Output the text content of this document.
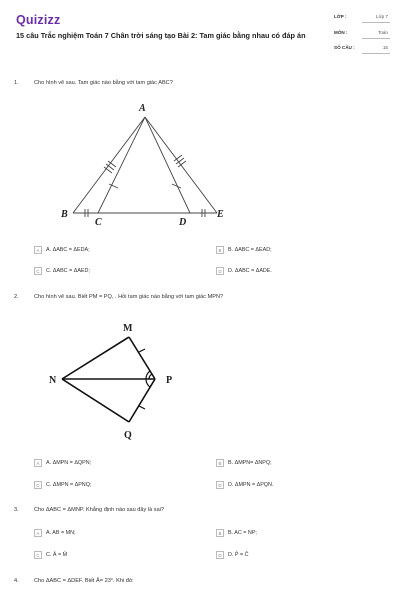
Quizizz
15 câu Trắc nghiệm Toán 7 Chân trời sáng tạo Bài 2: Tam giác bằng nhau có đáp án
LỚP :	Lớp 7
MÔN :	Toán
SỐ CÂU :	15
1.	Cho hình vẽ sau. Tam giác nào bằng với tam giác ABC?
A
B
C	D
E
A	A. ΔABC = ΔEDA;	B	B. ΔABC = ΔEAD;
C	C. ΔABC = ΔAED;	D	D. ΔABC = ΔADE.
2.	Cho hình vẽ sau. Biết PM = PQ, . Hỏi tam giác nào bằng với tam giác MPN?
M
N	P
Q
A	A. ΔMPN = ΔQPN;	B	B. ΔMPN= ΔNPQ;
C	C. ΔMPN = ΔPNQ;	D	D. ΔMPN = ΔPQN.
3.	Cho ΔABC = ΔMNP. Khẳng định nào sau đây là sai?
A	A. AB = MN;	B	B. AC = NP;
C	C. Â = M̂	D	D. P̂ = Ĉ
4.	Cho ΔABC = ΔDEF. Biết Â= 23°. Khi đó:
